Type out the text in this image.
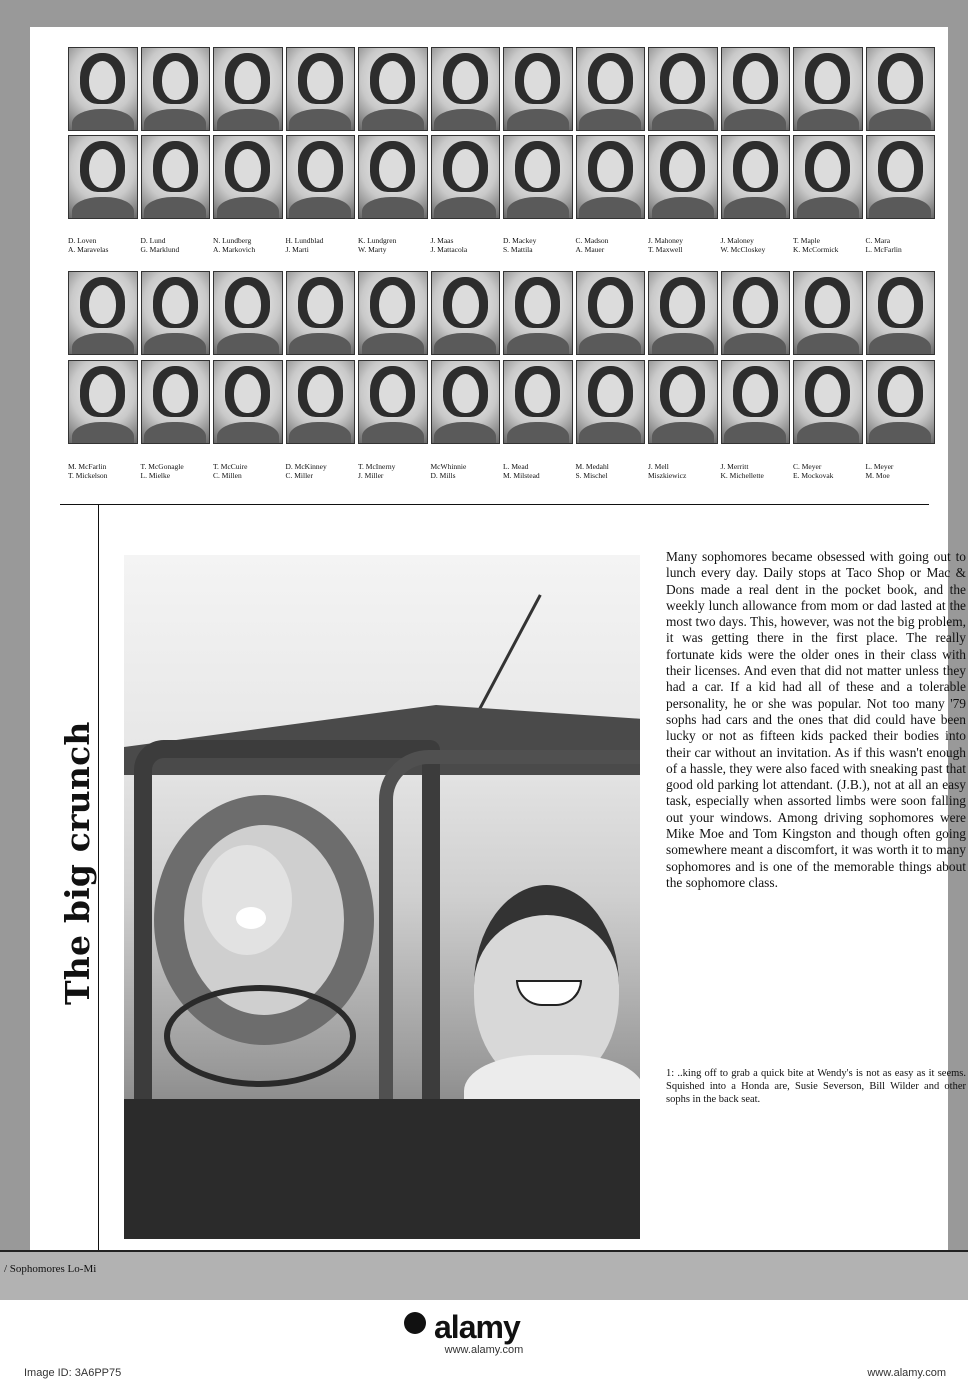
D. Loven
A. Maravelas
D. Lund
G. Marklund
N. Lundberg
A. Markovich
H. Lundblad
J. Marti
K. Lundgren
W. Marty
J. Maas
J. Mattacola
D. Mackey
S. Mattila
C. Madson
A. Mauer
J. Mahoney
T. Maxwell
J. Maloney
W. McCloskey
T. Maple
K. McCormick
C. Mara
L. McFarlin
M. McFarlin
T. Mickelson
T. McGonagle
L. Mielke
T. McCuire
C. Millen
D. McKinney
C. Miller
T. McInerny
J. Miller
McWhinnie
D. Mills
L. Mead
M. Milstead
M. Medahl
S. Mischel
J. Mell
Miszkiewicz
J. Merritt
K. Michellette
C. Meyer
E. Mockovak
L. Meyer
M. Moe
The big crunch
Many sophomores became obsessed with going out to lunch every day. Daily stops at Taco Shop or Mac & Dons made a real dent in the pocket book, and the weekly lunch allowance from mom or dad lasted at the most two days. This, however, was not the big problem, it was getting there in the first place. The really fortunate kids were the older ones in their class with their licenses. And even that did not matter unless they had a car. If a kid had all of these and a tolerable personality, he or she was popular. Not too many '79 sophs had cars and the ones that did could have been lucky or not as fifteen kids packed their bodies into their car without an invitation. As if this wasn't enough of a hassle, they were also faced with sneaking past that good old parking lot attendant. (J.B.), not at all an easy task, especially when assorted limbs were soon falling out your windows. Among driving sophomores were Mike Moe and Tom Kingston and though often going somewhere meant a discomfort, it was worth it to many sophomores and is one of the memorable things about the sophomore class.
1: ..king off to grab a quick bite at Wendy's is not as easy as it seems. Squished into a Honda are, Susie Severson, Bill Wilder and other sophs in the back seat.
/ Sophomores Lo-Mi
alamy
Image ID: 3A6PP75
www.alamy.com
www.alamy.com
